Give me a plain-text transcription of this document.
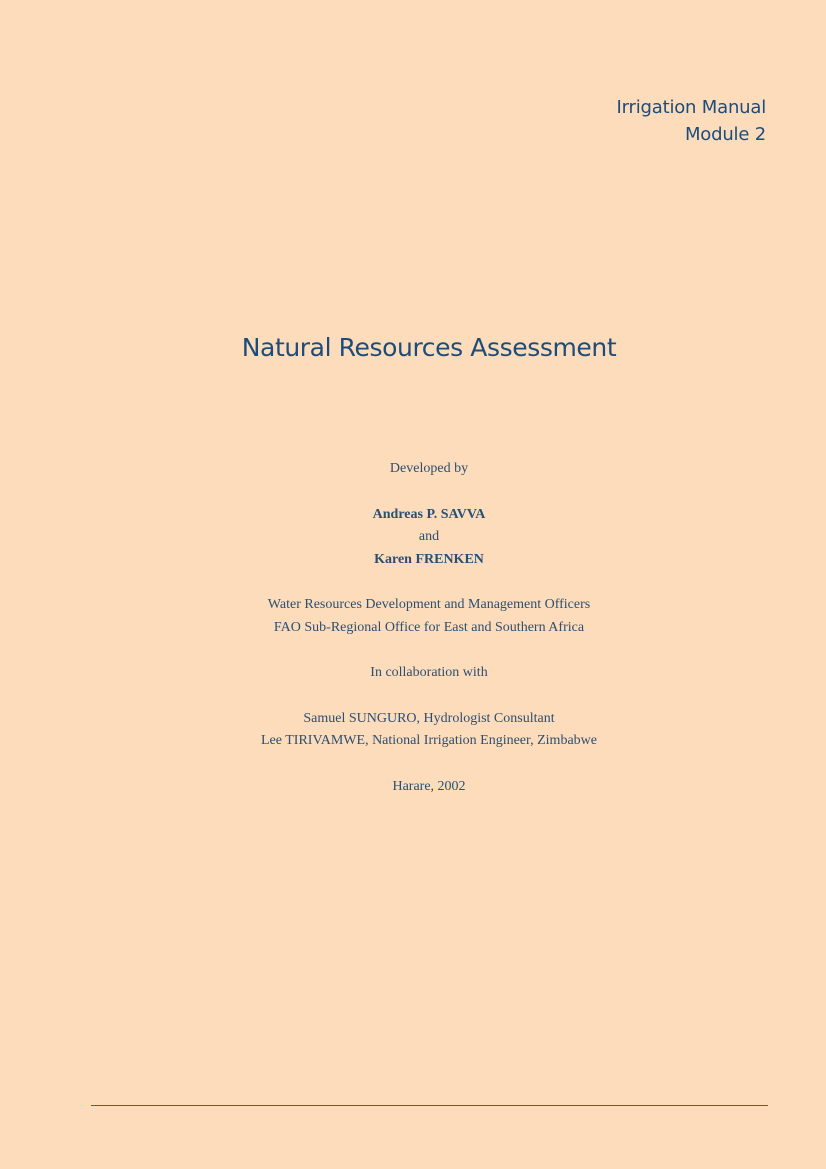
Irrigation Manual
Module 2
Natural Resources Assessment

Developed by

Andreas P. SAVVA

and

Karen FRENKEN

Water Resources Development and Management Officers

FAO Sub-Regional Office for East and Southern Africa

In collaboration with

Samuel SUNGURO, Hydrologist Consultant

Lee TIRIVAMWE, National Irrigation Engineer, Zimbabwe

Harare, 2002
